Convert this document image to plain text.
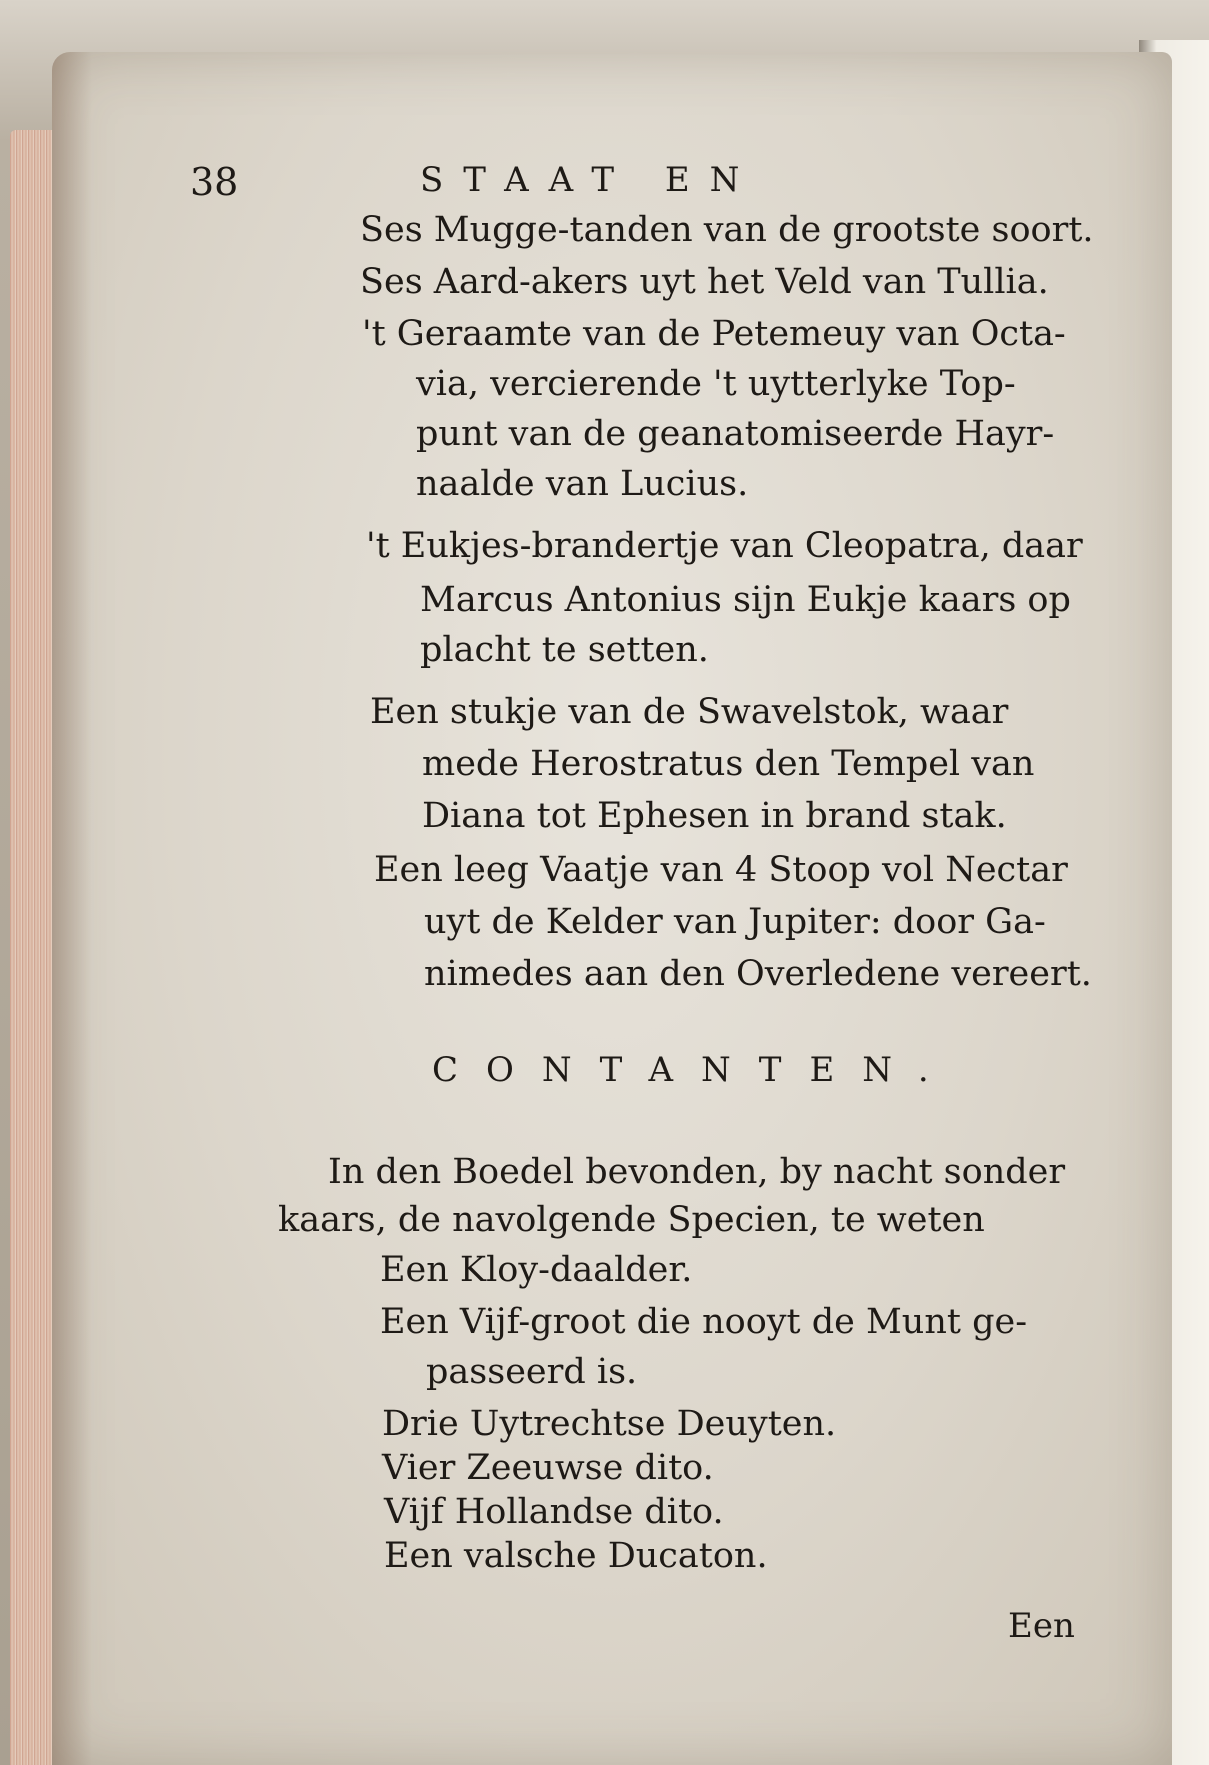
38	STAAT EN
Ses Mugge-tanden van de grootste soort.
Ses Aard-akers uyt het Veld van Tullia.
't Geraamte van de Petemeuy van Octa-
via, vercierende 't uytterlyke Top-
punt van de geanatomiseerde Hayr-
naalde van Lucius.
't Eukjes-brandertje van Cleopatra, daar
Marcus Antonius sijn Eukje kaars op
placht te setten.
Een stukje van de Swavelstok, waar
mede Herostratus den Tempel van
Diana tot Ephesen in brand stak.
Een leeg Vaatje van 4 Stoop vol Nectar
uyt de Kelder van Jupiter: door Ga-
nimedes aan den Overledene vereert.
CONTANTEN.
In den Boedel bevonden, by nacht sonder
kaars, de navolgende Specien, te weten
Een Kloy-daalder.
Een Vijf-groot die nooyt de Munt ge-
passeerd is.
Drie Uytrechtse Deuyten.
Vier Zeeuwse dito.
Vijf Hollandse dito.
Een valsche Ducaton.
Een
